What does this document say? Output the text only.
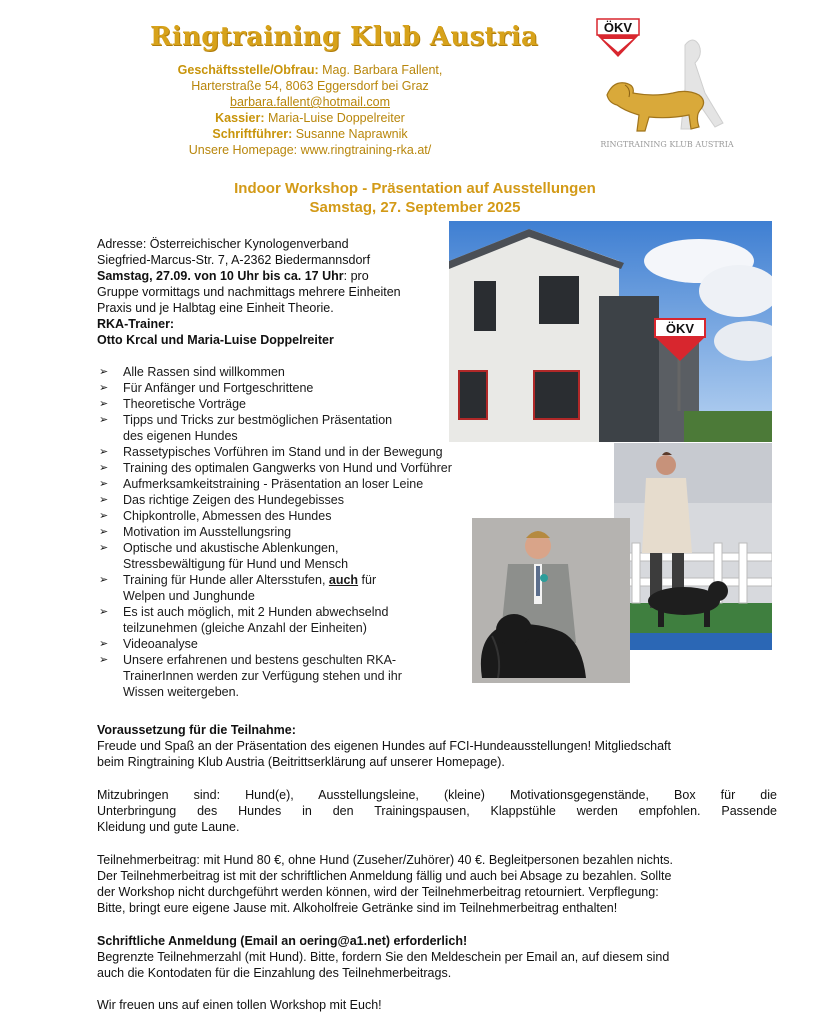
Ringtraining Klub Austria
Geschäftsstelle/Obfrau: Mag. Barbara Fallent,
Harterstraße 54, 8063 Eggersdorf bei Graz
barbara.fallent@hotmail.com
Kassier: Maria-Luise Doppelreiter
Schriftführer: Susanne Naprawnik
Unsere Homepage: www.ringtraining-rka.at/
ÖKV
RINGTRAINING KLUB AUSTRIA
Indoor Workshop - Präsentation auf Ausstellungen
Samstag, 27. September 2025

Adresse: Österreichischer Kynologenverband

Siegfried-Marcus-Str. 7, A-2362 Biedermannsdorf

Samstag, 27.09. von 10 Uhr bis ca. 17 Uhr: pro

Gruppe vormittags und nachmittags mehrere Einheiten

Praxis und je Halbtag eine Einheit Theorie.

RKA-Trainer:

Otto Krcal und Maria-Luise Doppelreiter

➢ Alle Rassen sind willkommen
➢ Für Anfänger und Fortgeschrittene
➢ Theoretische Vorträge
➢ Tipps und Tricks zur bestmöglichen Präsentation
des eigenen Hundes
➢ Rassetypisches Vorführen im Stand und in der Bewegung
➢ Training des optimalen Gangwerks von Hund und Vorführer
➢ Aufmerksamkeitstraining - Präsentation an loser Leine
➢ Das richtige Zeigen des Hundegebisses
➢ Chipkontrolle, Abmessen des Hundes
➢ Motivation im Ausstellungsring
➢ Optische und akustische Ablenkungen,
Stressbewältigung für Hund und Mensch
➢ Training für Hunde aller Altersstufen, auch für
Welpen und Junghunde
➢ Es ist auch möglich, mit 2 Hunden abwechselnd
teilzunehmen (gleiche Anzahl der Einheiten)
➢ Videoanalyse
➢ Unsere erfahrenen und bestens geschulten RKA-
TrainerInnen werden zur Verfügung stehen und ihr
Wissen weitergeben.
ÖKV

Voraussetzung für die Teilnahme:

Freude und Spaß an der Präsentation des eigenen Hundes auf FCI-Hundeausstellungen! Mitgliedschaft

beim Ringtraining Klub Austria (Beitrittserklärung auf unserer Homepage).

Mitzubringen sind: Hund(e), Ausstellungsleine, (kleine) Motivationsgegenstände, Box für die

Unterbringung des Hundes in den Trainingspausen, Klappstühle werden empfohlen. Passende

Kleidung und gute Laune.

Teilnehmerbeitrag: mit Hund 80 €, ohne Hund (Zuseher/Zuhörer) 40 €. Begleitpersonen bezahlen nichts.

Der Teilnehmerbeitrag ist mit der schriftlichen Anmeldung fällig und auch bei Absage zu bezahlen. Sollte

der Workshop nicht durchgeführt werden können, wird der Teilnehmerbeitrag retourniert. Verpflegung:

Bitte, bringt eure eigene Jause mit. Alkoholfreie Getränke sind im Teilnehmerbeitrag enthalten!

Schriftliche Anmeldung (Email an oering@a1.net) erforderlich!

Begrenzte Teilnehmerzahl (mit Hund). Bitte, fordern Sie den Meldeschein per Email an, auf diesem sind

auch die Kontodaten für die Einzahlung des Teilnehmerbeitrags.

Wir freuen uns auf einen tollen Workshop mit Euch!
